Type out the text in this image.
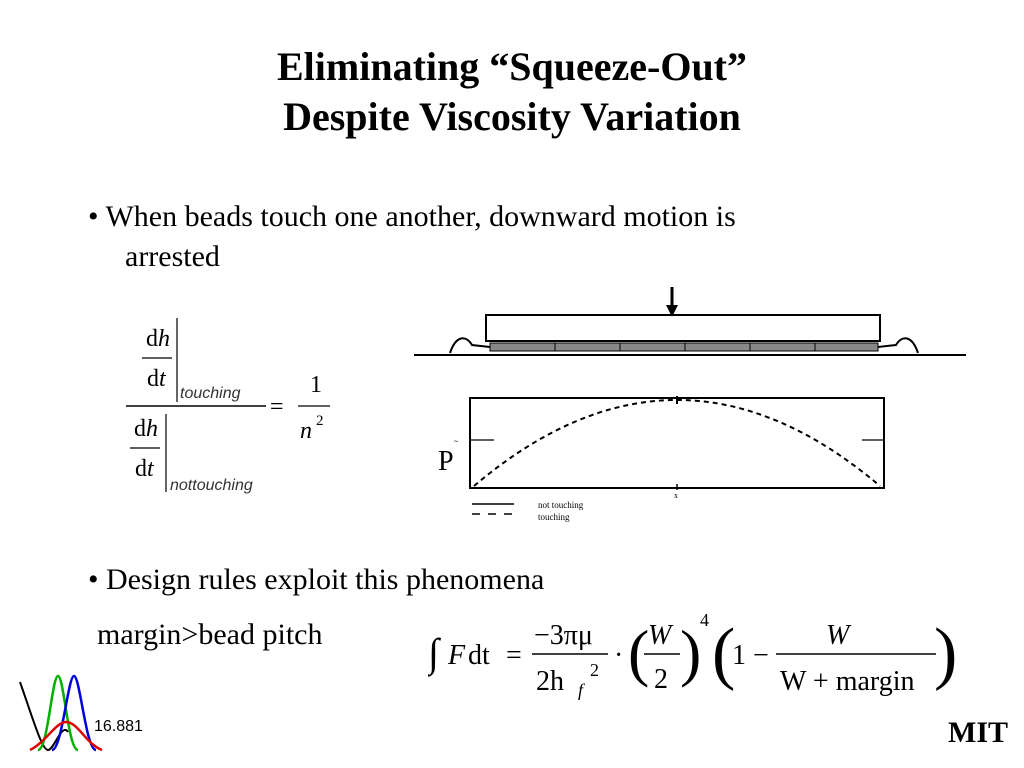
Eliminating “Squeeze-Out”
Despite Viscosity Variation
• When beads touch one another, downward motion is
arrested
dh
dt
touching
dh
dt
nottouching
=
1
n 2
P
~
x
not touching
touching
• Design rules exploit this phenomena
margin>bead pitch	∫ F dt =
−3πμ
2h f
2 · (
W
2 )
4 (
1 −
W
W + margin )
16.881	MIT
